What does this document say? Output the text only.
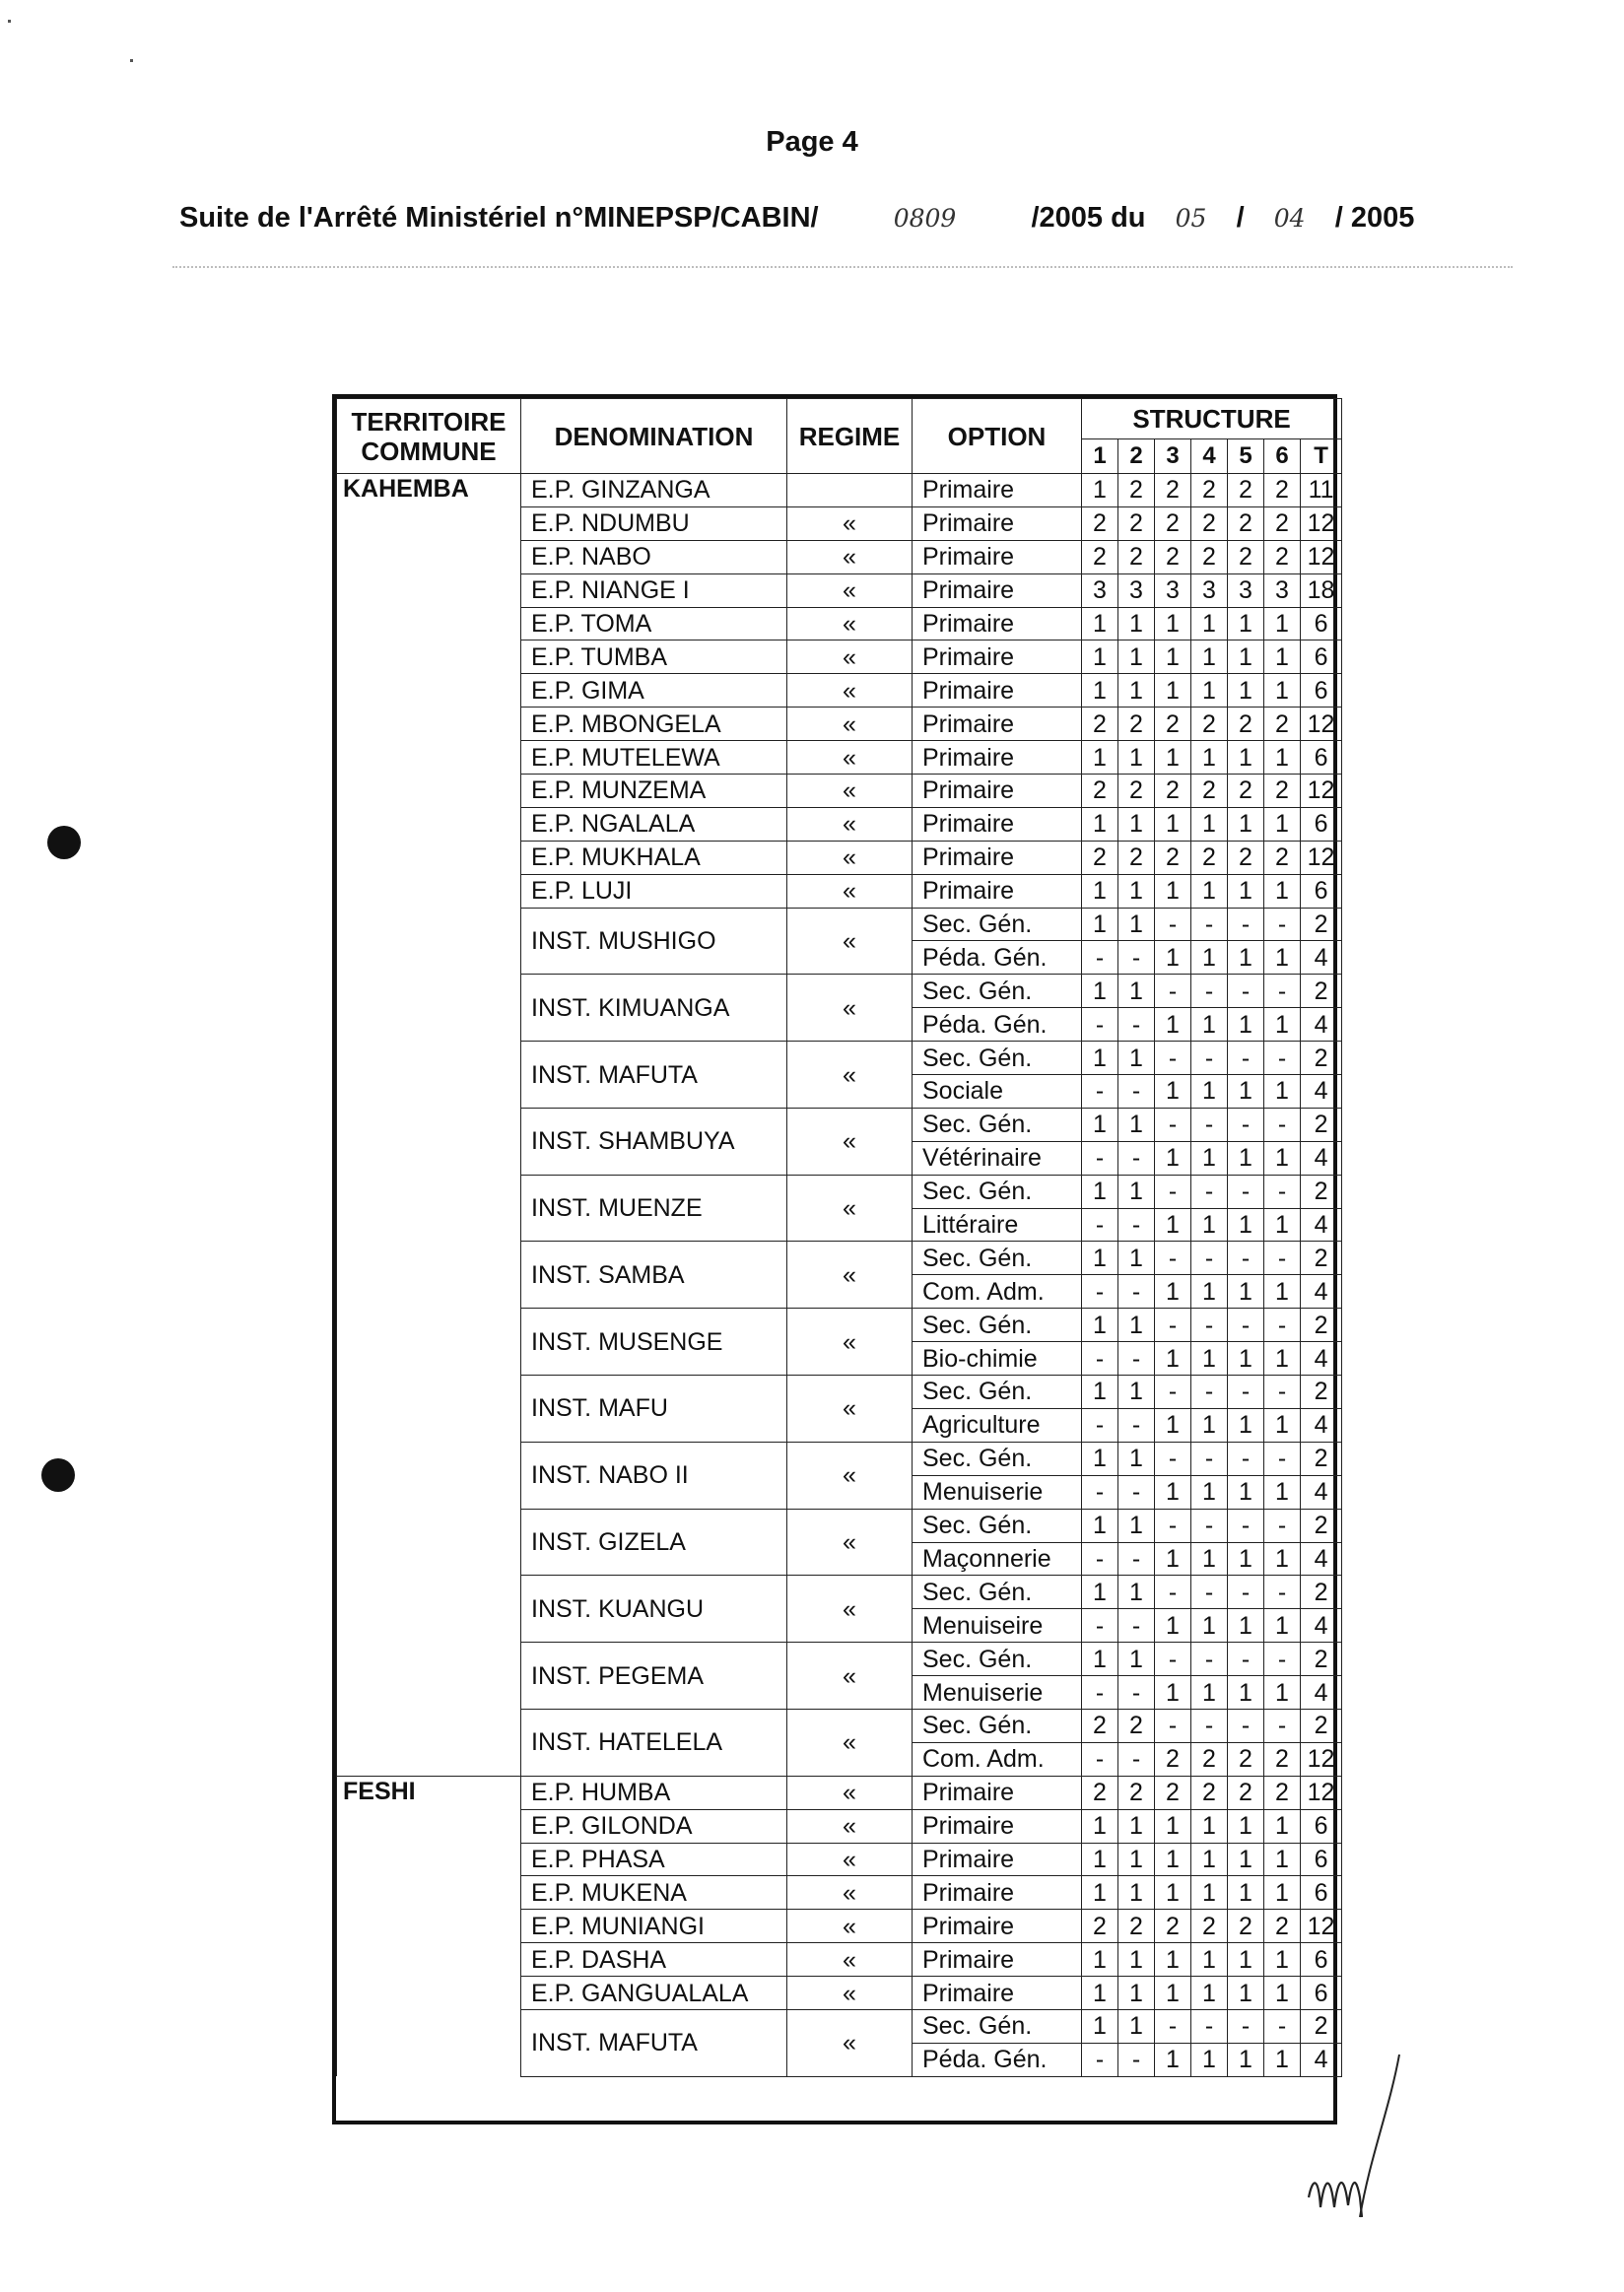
Page 4
Suite de l'Arrêté Ministériel n°MINEPSP/CABIN/	0809	/2005 du 05 / 04 / 2005
TERRITOIRE
COMMUNE	DENOMINATION	REGIME	OPTION	STRUCTURE						
				1	2	3	4	5	6	T
KAHEMBA	E.P. GINZANGA		Primaire	1	2	2	2	2	2	11
	E.P. NDUMBU	«	Primaire	2	2	2	2	2	2	12
	E.P. NABO	«	Primaire	2	2	2	2	2	2	12
	E.P. NIANGE I	«	Primaire	3	3	3	3	3	3	18
	E.P. TOMA	«	Primaire	1	1	1	1	1	1	6
	E.P. TUMBA	«	Primaire	1	1	1	1	1	1	6
	E.P. GIMA	«	Primaire	1	1	1	1	1	1	6
	E.P. MBONGELA	«	Primaire	2	2	2	2	2	2	12
	E.P. MUTELEWA	«	Primaire	1	1	1	1	1	1	6
	E.P. MUNZEMA	«	Primaire	2	2	2	2	2	2	12
	E.P. NGALALA	«	Primaire	1	1	1	1	1	1	6
	E.P. MUKHALA	«	Primaire	2	2	2	2	2	2	12
	E.P. LUJI	«	Primaire	1	1	1	1	1	1	6
	INST. MUSHIGO	«	Sec. Gén.	1	1	-	-	-	-	2
			Péda. Gén.	-	-	1	1	1	1	4
	INST. KIMUANGA	«	Sec. Gén.	1	1	-	-	-	-	2
			Péda. Gén.	-	-	1	1	1	1	4
	INST. MAFUTA	«	Sec. Gén.	1	1	-	-	-	-	2
			Sociale	-	-	1	1	1	1	4
	INST. SHAMBUYA	«	Sec. Gén.	1	1	-	-	-	-	2
			Vétérinaire	-	-	1	1	1	1	4
	INST. MUENZE	«	Sec. Gén.	1	1	-	-	-	-	2
			Littéraire	-	-	1	1	1	1	4
	INST. SAMBA	«	Sec. Gén.	1	1	-	-	-	-	2
			Com. Adm.	-	-	1	1	1	1	4
	INST. MUSENGE	«	Sec. Gén.	1	1	-	-	-	-	2
			Bio-chimie	-	-	1	1	1	1	4
	INST. MAFU	«	Sec. Gén.	1	1	-	-	-	-	2
			Agriculture	-	-	1	1	1	1	4
	INST. NABO II	«	Sec. Gén.	1	1	-	-	-	-	2
			Menuiserie	-	-	1	1	1	1	4
	INST. GIZELA	«	Sec. Gén.	1	1	-	-	-	-	2
			Maçonnerie	-	-	1	1	1	1	4
	INST. KUANGU	«	Sec. Gén.	1	1	-	-	-	-	2
			Menuiseire	-	-	1	1	1	1	4
	INST. PEGEMA	«	Sec. Gén.	1	1	-	-	-	-	2
			Menuiserie	-	-	1	1	1	1	4
	INST. HATELELA	«	Sec. Gén.	2	2	-	-	-	-	2
			Com. Adm.	-	-	2	2	2	2	12
FESHI	E.P. HUMBA	«	Primaire	2	2	2	2	2	2	12
	E.P. GILONDA	«	Primaire	1	1	1	1	1	1	6
	E.P. PHASA	«	Primaire	1	1	1	1	1	1	6
	E.P. MUKENA	«	Primaire	1	1	1	1	1	1	6
	E.P. MUNIANGI	«	Primaire	2	2	2	2	2	2	12
	E.P. DASHA	«	Primaire	1	1	1	1	1	1	6
	E.P. GANGUALALA	«	Primaire	1	1	1	1	1	1	6
	INST. MAFUTA	«	Sec. Gén.	1	1	-	-	-	-	2
			Péda. Gén.	-	-	1	1	1	1	4
